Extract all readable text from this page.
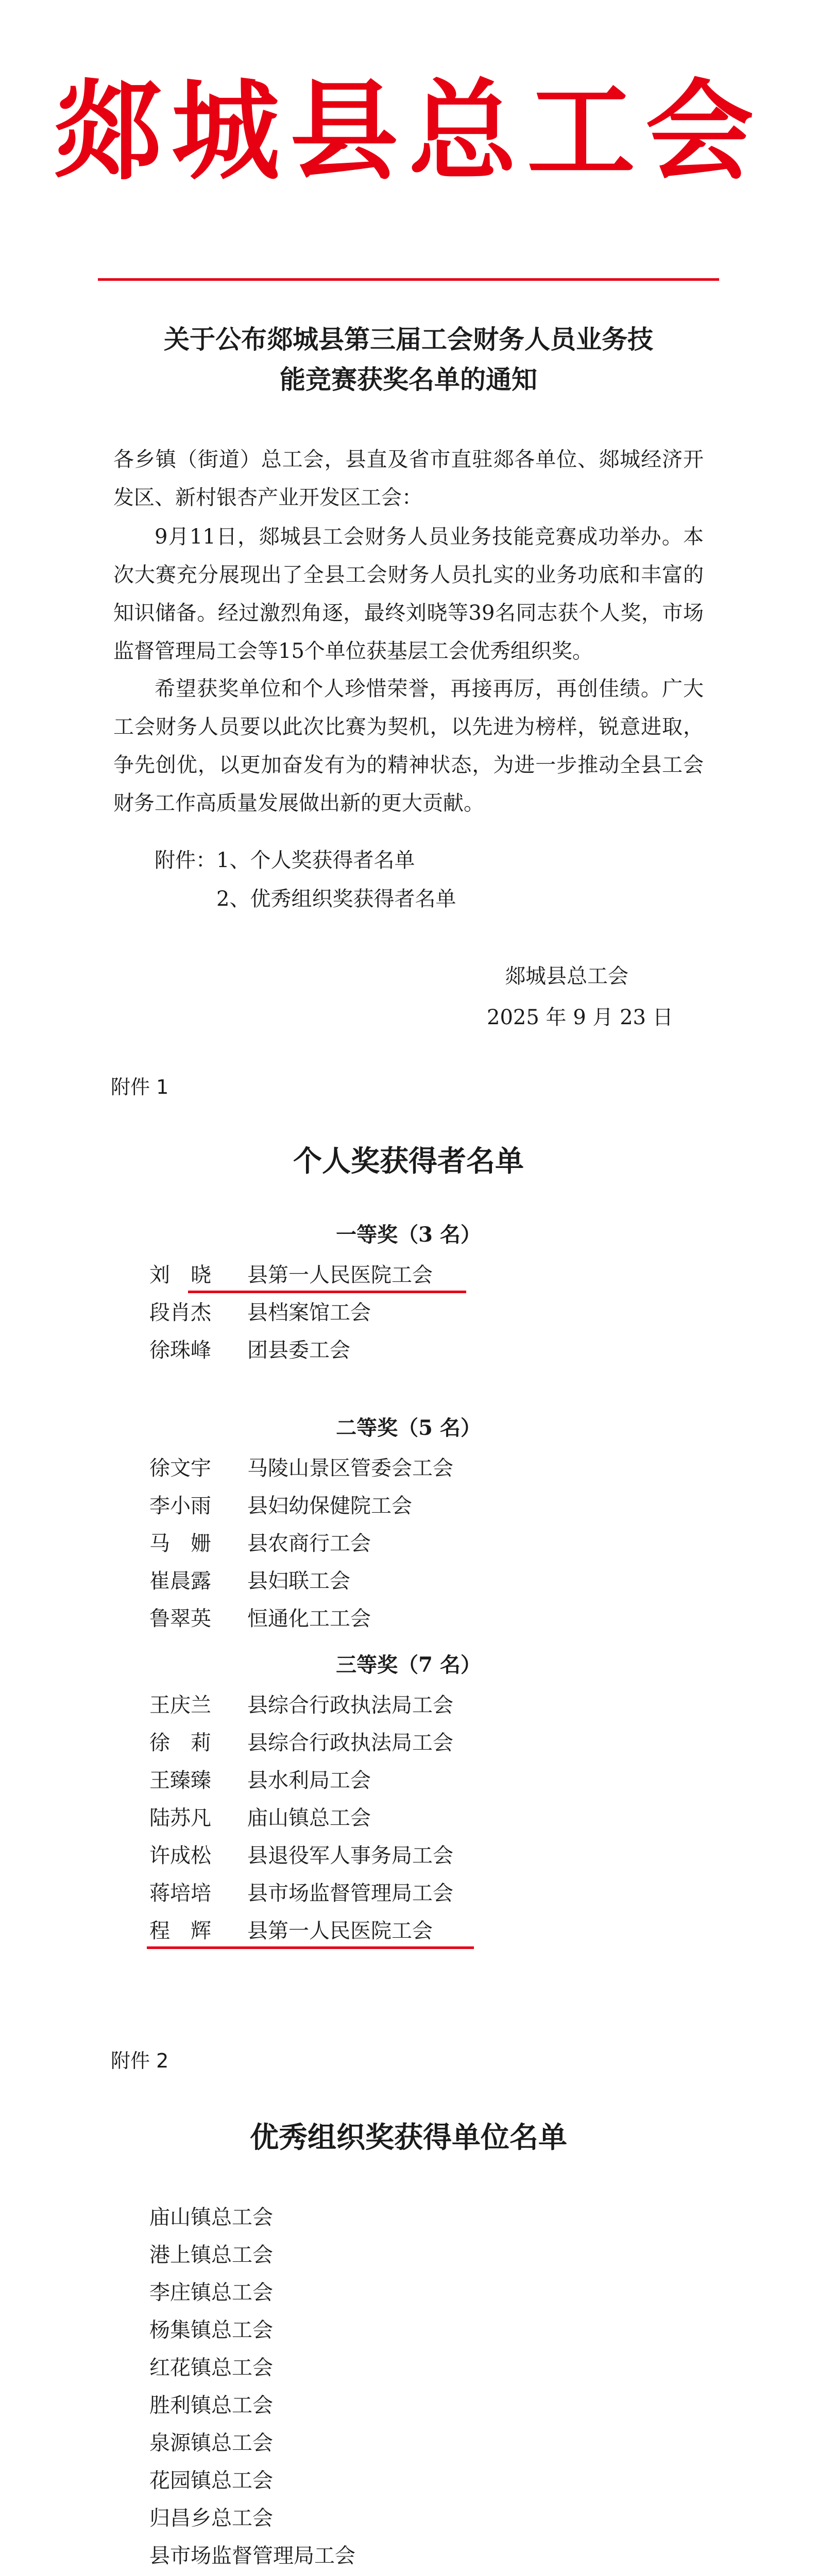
郯城县总工会
关于公布郯城县第三届工会财务人员业务技
能竞赛获奖名单的通知
各乡镇（街道）总工会，县直及省市直驻郯各单位、郯城经济开发区、新村银杏产业开发区工会：
9月11日，郯城县工会财务人员业务技能竞赛成功举办。本次大赛充分展现出了全县工会财务人员扎实的业务功底和丰富的知识储备。经过激烈角逐，最终刘晓等39名同志获个人奖，市场监督管理局工会等15个单位获基层工会优秀组织奖。
希望获奖单位和个人珍惜荣誉，再接再厉，再创佳绩。广大工会财务人员要以此次比赛为契机，以先进为榜样，锐意进取，争先创优，以更加奋发有为的精神状态，为进一步推动全县工会财务工作高质量发展做出新的更大贡献。
附件：1、个人奖获得者名单
2、优秀组织奖获得者名单
郯城县总工会
2025 年 9 月 23 日
附件 1
个人奖获得者名单
一等奖（3 名）
刘　晓 县第一人民医院工会
段肖杰 县档案馆工会
徐珠峰 团县委工会
二等奖（5 名）
徐文宇 马陵山景区管委会工会
李小雨 县妇幼保健院工会
马　姗 县农商行工会
崔晨露 县妇联工会
鲁翠英 恒通化工工会
三等奖（7 名）
王庆兰 县综合行政执法局工会
徐　莉 县综合行政执法局工会
王臻臻 县水利局工会
陆苏凡 庙山镇总工会
许成松 县退役军人事务局工会
蒋培培 县市场监督管理局工会
程　辉 县第一人民医院工会
附件 2
优秀组织奖获得单位名单
庙山镇总工会
港上镇总工会
李庄镇总工会
杨集镇总工会
红花镇总工会
胜利镇总工会
泉源镇总工会
花园镇总工会
归昌乡总工会
县市场监督管理局工会
